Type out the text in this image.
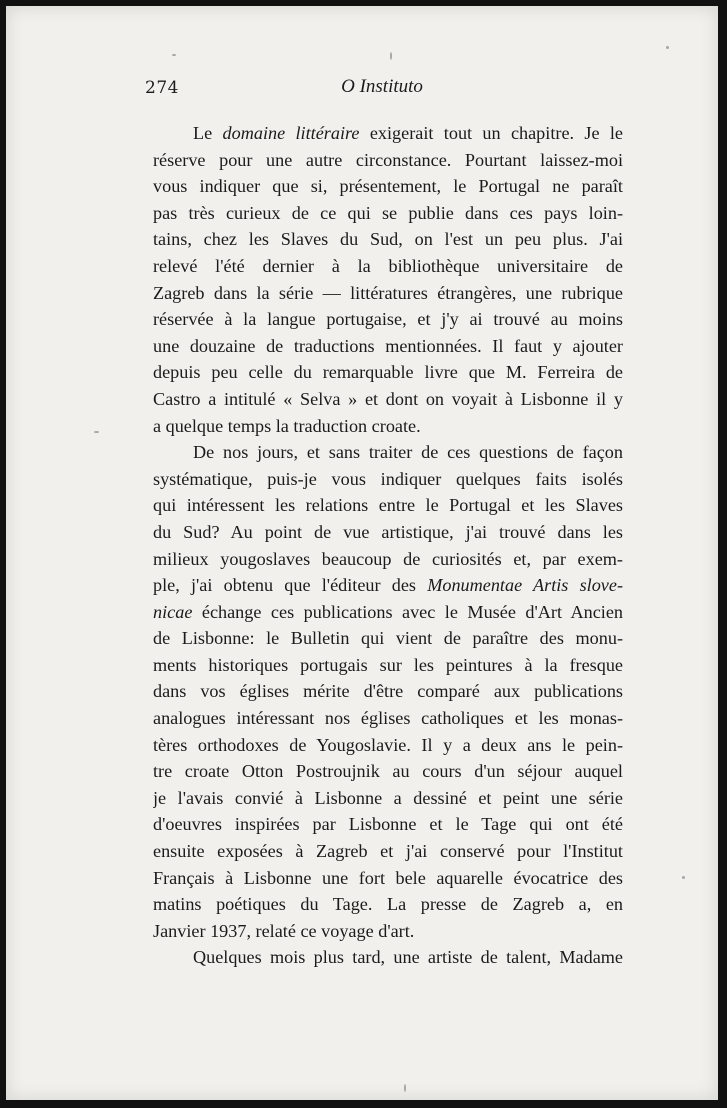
274	O Instituto
Le domaine littéraire exigerait tout un chapitre. Je le
réserve pour une autre circonstance. Pourtant laissez-moi
vous indiquer que si, présentement, le Portugal ne paraît
pas très curieux de ce qui se publie dans ces pays loin-
tains, chez les Slaves du Sud, on l'est un peu plus. J'ai
relevé l'été dernier à la bibliothèque universitaire de
Zagreb dans la série — littératures étrangères, une rubrique
réservée à la langue portugaise, et j'y ai trouvé au moins
une douzaine de traductions mentionnées. Il faut y ajouter
depuis peu celle du remarquable livre que M. Ferreira de
Castro a intitulé « Selva » et dont on voyait à Lisbonne il y
a quelque temps la traduction croate.
De nos jours, et sans traiter de ces questions de façon
systématique, puis-je vous indiquer quelques faits isolés
qui intéressent les relations entre le Portugal et les Slaves
du Sud? Au point de vue artistique, j'ai trouvé dans les
milieux yougoslaves beaucoup de curiosités et, par exem-
ple, j'ai obtenu que l'éditeur des Monumentae Artis slove-
nicae échange ces publications avec le Musée d'Art Ancien
de Lisbonne: le Bulletin qui vient de paraître des monu-
ments historiques portugais sur les peintures à la fresque
dans vos églises mérite d'être comparé aux publications
analogues intéressant nos églises catholiques et les monas-
tères orthodoxes de Yougoslavie. Il y a deux ans le pein-
tre croate Otton Postroujnik au cours d'un séjour auquel
je l'avais convié à Lisbonne a dessiné et peint une série
d'oeuvres inspirées par Lisbonne et le Tage qui ont été
ensuite exposées à Zagreb et j'ai conservé pour l'Institut
Français à Lisbonne une fort bele aquarelle évocatrice des
matins poétiques du Tage. La presse de Zagreb a, en
Janvier 1937, relaté ce voyage d'art.
Quelques mois plus tard, une artiste de talent, Madame
